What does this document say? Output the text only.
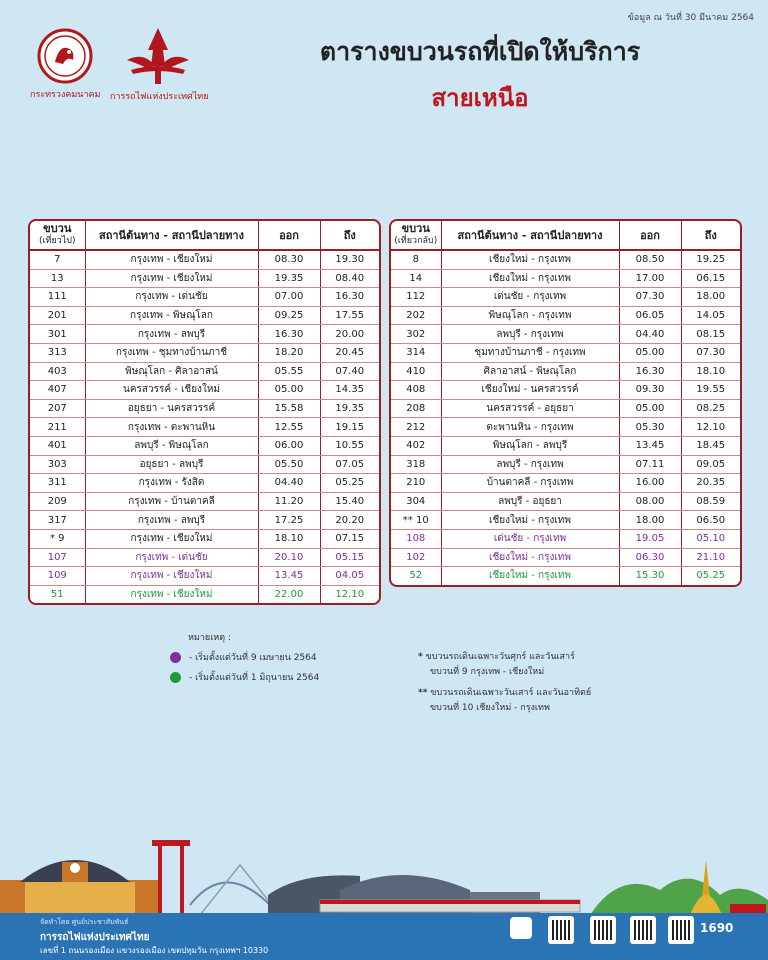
ข้อมูล ณ วันที่ 30 มีนาคม 2564
กระทรวงคมนาคม การรถไฟแห่งประเทศไทย
ตารางขบวนรถที่เปิดให้บริการ
สายเหนือ
ขบวน
(เที่ยวไป)	สถานีต้นทาง - สถานีปลายทาง	ออก	ถึง
7	กรุงเทพ - เชียงใหม่	08.30	19.30
13	กรุงเทพ - เชียงใหม่	19.35	08.40
111	กรุงเทพ - เด่นชัย	07.00	16.30
201	กรุงเทพ - พิษณุโลก	09.25	17.55
301	กรุงเทพ - ลพบุรี	16.30	20.00
313	กรุงเทพ - ชุมทางบ้านภาชี	18.20	20.45
403	พิษณุโลก - ศิลาอาสน์	05.55	07.40
407	นครสวรรค์ - เชียงใหม่	05.00	14.35
207	อยุธยา - นครสวรรค์	15.58	19.35
211	กรุงเทพ - ตะพานหิน	12.55	19.15
401	ลพบุรี - พิษณุโลก	06.00	10.55
303	อยุธยา - ลพบุรี	05.50	07.05
311	กรุงเทพ - รังสิต	04.40	05.25
209	กรุงเทพ - บ้านตาคลี	11.20	15.40
317	กรุงเทพ - ลพบุรี	17.25	20.20
* 9	กรุงเทพ - เชียงใหม่	18.10	07.15
107	กรุงเทพ - เด่นชัย	20.10	05.15
109	กรุงเทพ - เชียงใหม่	13.45	04.05
51	กรุงเทพ - เชียงใหม่	22.00	12.10
ขบวน
(เที่ยวกลับ)	สถานีต้นทาง - สถานีปลายทาง	ออก	ถึง
8	เชียงใหม่ - กรุงเทพ	08.50	19.25
14	เชียงใหม่ - กรุงเทพ	17.00	06.15
112	เด่นชัย - กรุงเทพ	07.30	18.00
202	พิษณุโลก - กรุงเทพ	06.05	14.05
302	ลพบุรี - กรุงเทพ	04.40	08.15
314	ชุมทางบ้านภาชี - กรุงเทพ	05.00	07.30
410	ศิลาอาสน์ - พิษณุโลก	16.30	18.10
408	เชียงใหม่ - นครสวรรค์	09.30	19.55
208	นครสวรรค์ - อยุธยา	05.00	08.25
212	ตะพานหิน - กรุงเทพ	05.30	12.10
402	พิษณุโลก - ลพบุรี	13.45	18.45
318	ลพบุรี - กรุงเทพ	07.11	09.05
210	บ้านตาคลี - กรุงเทพ	16.00	20.35
304	ลพบุรี - อยุธยา	08.00	08.59
** 10	เชียงใหม่ - กรุงเทพ	18.00	06.50
108	เด่นชัย - กรุงเทพ	19.05	05.10
102	เชียงใหม่ - กรุงเทพ	06.30	21.10
52	เชียงใหม่ - กรุงเทพ	15.30	05.25
หมายเหตุ :
- เริ่มตั้งแต่วันที่ 9 เมษายน 2564
- เริ่มตั้งแต่วันที่ 1 มิถุนายน 2564
* ขบวนรถเดินเฉพาะวันศุกร์ และวันเสาร์
ขบวนที่ 9 กรุงเทพ - เชียงใหม่
** ขบวนรถเดินเฉพาะวันเสาร์ และวันอาทิตย์
ขบวนที่ 10 เชียงใหม่ - กรุงเทพ
จัดทำโดย ศูนย์ประชาสัมพันธ์
การรถไฟแห่งประเทศไทย
เลขที่ 1 ถนนรองเมือง แขวงรองเมือง เขตปทุมวัน กรุงเทพฯ 10330
1690
